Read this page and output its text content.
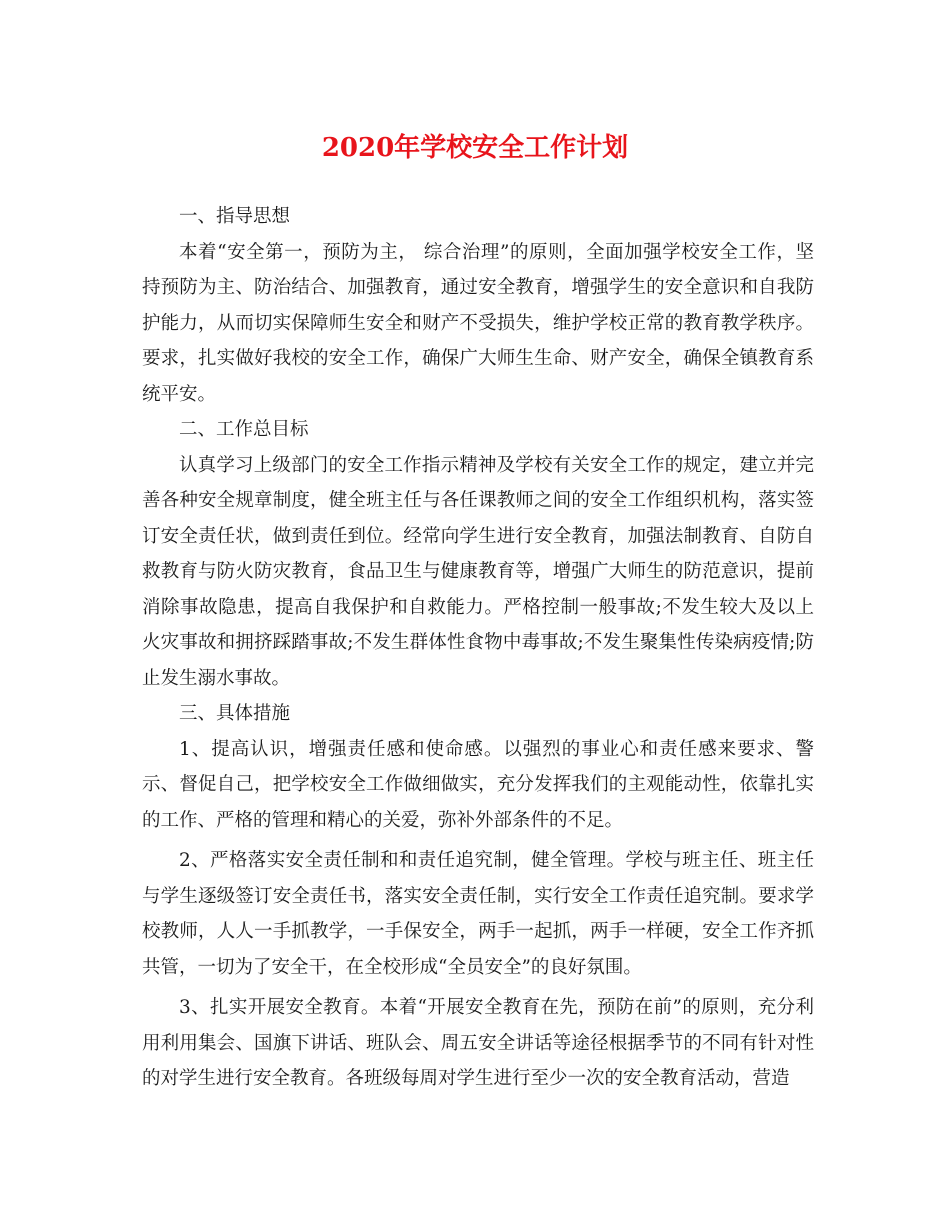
2020年学校安全工作计划

一、指导思想

本着“安全第一，预防为主， 综合治理”的原则，全面加强学校安全工作，坚持预防为主、防治结合、加强教育，通过安全教育，增强学生的安全意识和自我防护能力，从而切实保障师生安全和财产不受损失，维护学校正常的教育教学秩序。要求，扎实做好我校的安全工作，确保广大师生生命、财产安全，确保全镇教育系统平安。

二、工作总目标

认真学习上级部门的安全工作指示精神及学校有关安全工作的规定，建立并完善各种安全规章制度，健全班主任与各任课教师之间的安全工作组织机构，落实签订安全责任状，做到责任到位。经常向学生进行安全教育，加强法制教育、自防自救教育与防火防灾教育，食品卫生与健康教育等，增强广大师生的防范意识，提前消除事故隐患，提高自我保护和自救能力。严格控制一般事故;不发生较大及以上火灾事故和拥挤踩踏事故;不发生群体性食物中毒事故;不发生聚集性传染病疫情;防止发生溺水事故。

三、具体措施

1、提高认识，增强责任感和使命感。以强烈的事业心和责任感来要求、警示、督促自己，把学校安全工作做细做实，充分发挥我们的主观能动性，依靠扎实的工作、严格的管理和精心的关爱，弥补外部条件的不足。

2、严格落实安全责任制和和责任追究制，健全管理。学校与班主任、班主任与学生逐级签订安全责任书，落实安全责任制，实行安全工作责任追究制。要求学校教师，人人一手抓教学，一手保安全，两手一起抓，两手一样硬，安全工作齐抓共管，一切为了安全干，在全校形成“全员安全”的良好氛围。

3、扎实开展安全教育。本着“开展安全教育在先，预防在前”的原则，充分利用利用集会、国旗下讲话、班队会、周五安全讲话等途径根据季节的不同有针对性的对学生进行安全教育。各班级每周对学生进行至少一次的安全教育活动，营造
